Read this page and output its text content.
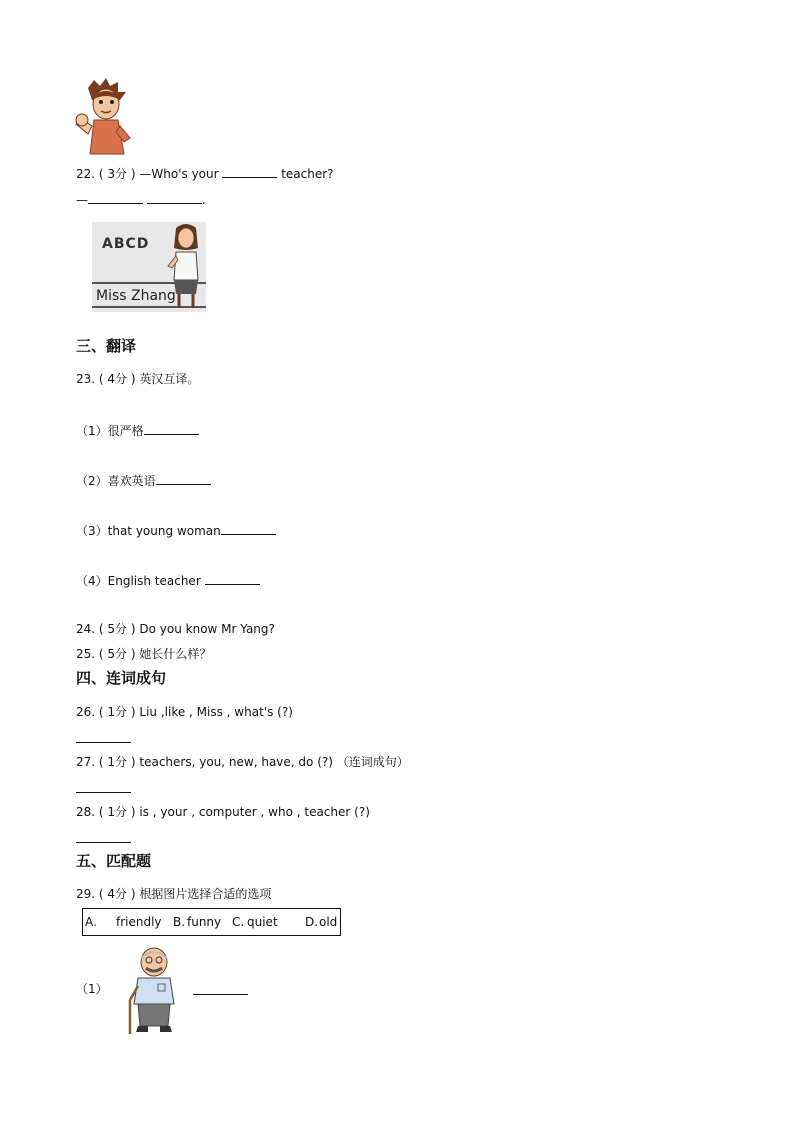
22. ( 3分 ) —Who's your	teacher?
—	.
ABCD
Miss Zhang
三、翻译
23. ( 4分 ) 英汉互译。
（1）很严格
（2）喜欢英语
（3）that young woman
（4）English teacher
24. ( 5分 ) Do you know Mr Yang?
25. ( 5分 ) 她长什么样？
四、连词成句
26. ( 1分 ) Liu ,like , Miss , what's (?)
27. ( 1分 ) teachers, you, new, have, do (?) （连词成句）
28. ( 1分 ) is , your , computer , who , teacher (?)
五、匹配题
29. ( 4分 ) 根据图片选择合适的选项
A. friendly B. funny C. quiet D. old
（1）
